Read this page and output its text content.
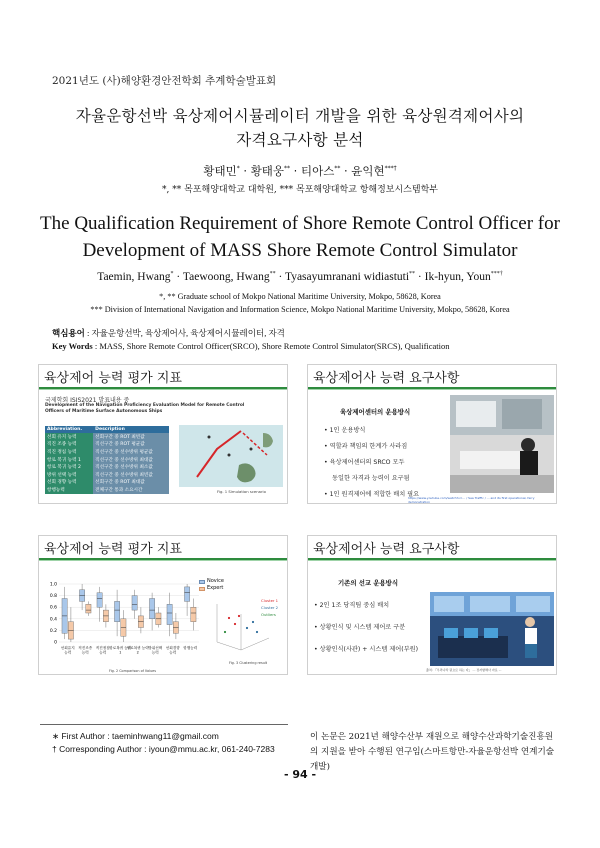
2021년도 (사)해양환경안전학회 추계학술발표회
자율운항선박 육상제어시뮬레이터 개발을 위한 육상원격제어사의
자격요구사항 분석
황태민* · 황태웅** · 티아스** · 윤익현***†
*, ** 목포해양대학교 대학원, *** 목포해양대학교 항해정보시스템학부
The Qualification Requirement of Shore Remote Control Officer for
Development of MASS Shore Remote Control Simulator
Taemin, Hwang* · Taewoong, Hwang** · Tyasayumranani widiastuti** · Ik-hyun, Youn***†
*, ** Graduate school of Mokpo National Maritime University, Mokpo, 58628, Korea
*** Division of International Navigation and Information Science, Mokpo National Maritime University, Mokpo, 58628, Korea
핵심용어 : 자율운항선박, 육상제어사, 육상제어시뮬레이터, 자격
Key Words : MASS, Shore Remote Control Officer(SRCO), Shore Remote Control Simulator(SRCS), Qualification
육상제어 능력 평가 지표
국제학회 ISIS2021 발표내용 중
Development of the Navigation Proficiency Evaluation Model for Remote Control Officers of Maritime Surface Autonomous Ships
Abbreviation.	Description
선회 유지 능력	선회구간 중 ROT 최빈값
직진 조종 능력	직선구간 중 ROT 평균값
직진 정침 능력	직선구간 중 선수방위 평균값
항로 복귀 능력 1	직선구간 중 선수방위 최대값
항로 복귀 능력 2	직선구간 중 선수방위 최소값
방위 선택 능력	직선구간 중 선수방위 최빈값
선회 경향 능력	선회구간 중 ROT 최대값
항행능력	전체구간 통과 소요시간	Fig. 1 Simulation scenario
육상제어사 능력 요구사항
육상제어센터의 운용방식
• 1인 운용방식
• 역할과 책임의 한계가 사라짐
• 육상제어센터의 SRCO 모두
동일한 자격과 능력이 요구됨
• 1인 원격제어에 적합한 배치 필요
https://www.youtube.com/watch?v=... / Sea Traffic / ... and its first operational, ferry demonstration
육상제어 능력 평가 지표
1.0
0.8
0.6
0.4
0.2
0
선회유지 능력
직진조종 능력
직진정침 능력
항로복귀 능력 1
항로복귀 능력 2
방위선택 능력
선회경향 능력
항행능력
Novice
Expert
Cluster 1
Cluster 2
Outliers
Fig. 2 Comparison of Values
Fig. 3 Clustering result
육상제어사 능력 요구사항
기존의 선교 운용방식
• 2인 1조 당직팀 중심 배치
• 상황인식 및 시스템 제어로 구분
• 상황인식(사관) + 시스템 제어(부원)
출처: 『우리나라 필요로 하는 다』 ... 전자항해사 자료 ...
∗ First Author : taeminhwang11@gmail.com
† Corresponding Author : iyoun@mmu.ac.kr, 061-240-7283
이 논문은 2021년 해양수산부 재원으로 해양수산과학기술진흥원의 지원을 받아 수행된 연구임(스마트항만-자율운항선박 연계기술 개발)
- 94 -
